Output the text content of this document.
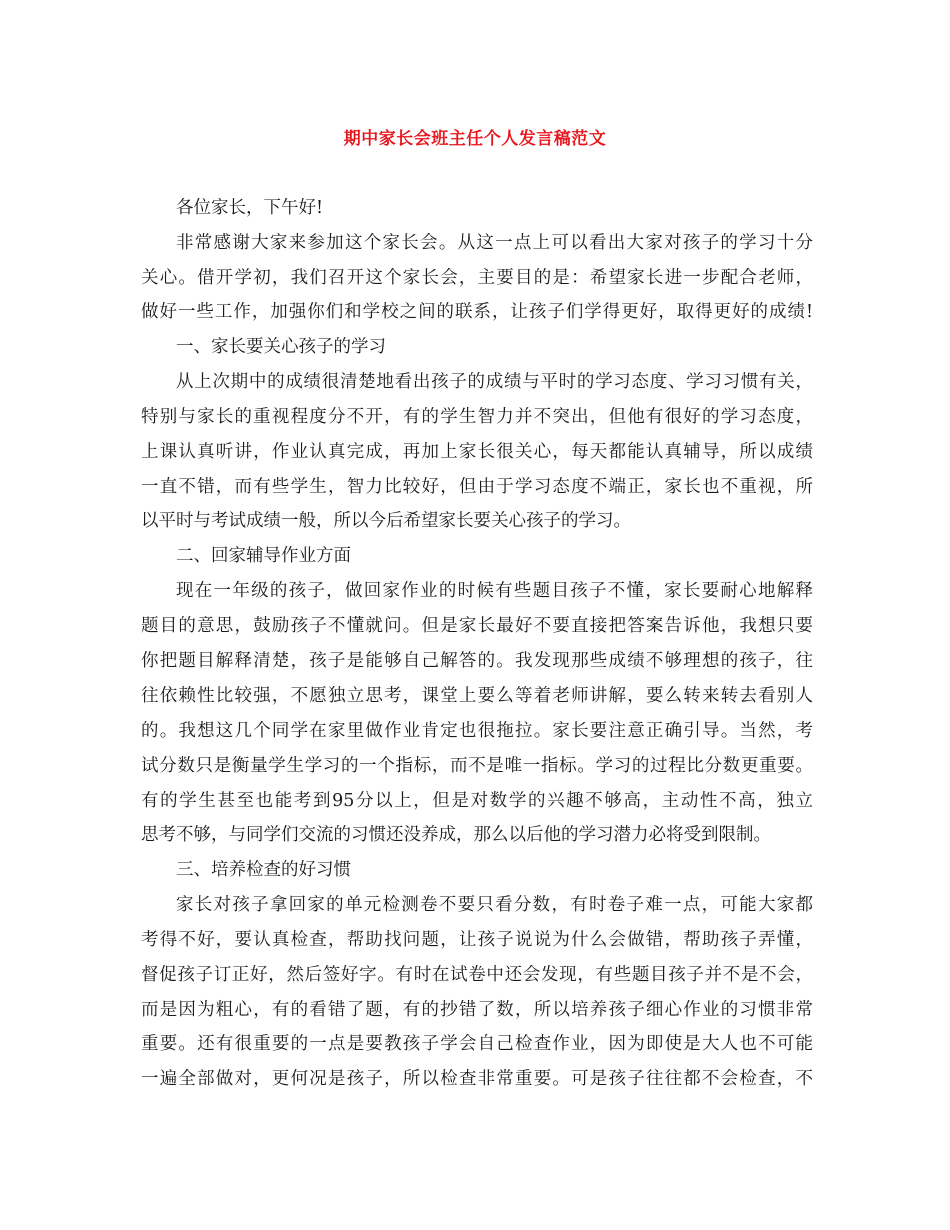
期中家长会班主任个人发言稿范文
各位家长，下午好!
非常感谢大家来参加这个家长会。从这一点上可以看出大家对孩子的学习十分
关心。借开学初，我们召开这个家长会，主要目的是：希望家长进一步配合老师，
做好一些工作，加强你们和学校之间的联系，让孩子们学得更好，取得更好的成绩!
一、家长要关心孩子的学习
从上次期中的成绩很清楚地看出孩子的成绩与平时的学习态度、学习习惯有关，
特别与家长的重视程度分不开，有的学生智力并不突出，但他有很好的学习态度，
上课认真听讲，作业认真完成，再加上家长很关心，每天都能认真辅导，所以成绩
一直不错，而有些学生，智力比较好，但由于学习态度不端正，家长也不重视，所
以平时与考试成绩一般，所以今后希望家长要关心孩子的学习。
二、回家辅导作业方面
现在一年级的孩子，做回家作业的时候有些题目孩子不懂，家长要耐心地解释
题目的意思，鼓励孩子不懂就问。但是家长最好不要直接把答案告诉他，我想只要
你把题目解释清楚，孩子是能够自己解答的。我发现那些成绩不够理想的孩子，往
往依赖性比较强，不愿独立思考，课堂上要么等着老师讲解，要么转来转去看别人
的。我想这几个同学在家里做作业肯定也很拖拉。家长要注意正确引导。当然，考
试分数只是衡量学生学习的一个指标，而不是唯一指标。学习的过程比分数更重要。
有的学生甚至也能考到95分以上，但是对数学的兴趣不够高，主动性不高，独立
思考不够，与同学们交流的习惯还没养成，那么以后他的学习潜力必将受到限制。
三、培养检查的好习惯
家长对孩子拿回家的单元检测卷不要只看分数，有时卷子难一点，可能大家都
考得不好，要认真检查，帮助找问题，让孩子说说为什么会做错，帮助孩子弄懂，
督促孩子订正好，然后签好字。有时在试卷中还会发现，有些题目孩子并不是不会，
而是因为粗心，有的看错了题，有的抄错了数，所以培养孩子细心作业的习惯非常
重要。还有很重要的一点是要教孩子学会自己检查作业，因为即使是大人也不可能
一遍全部做对，更何况是孩子，所以检查非常重要。可是孩子往往都不会检查，不
